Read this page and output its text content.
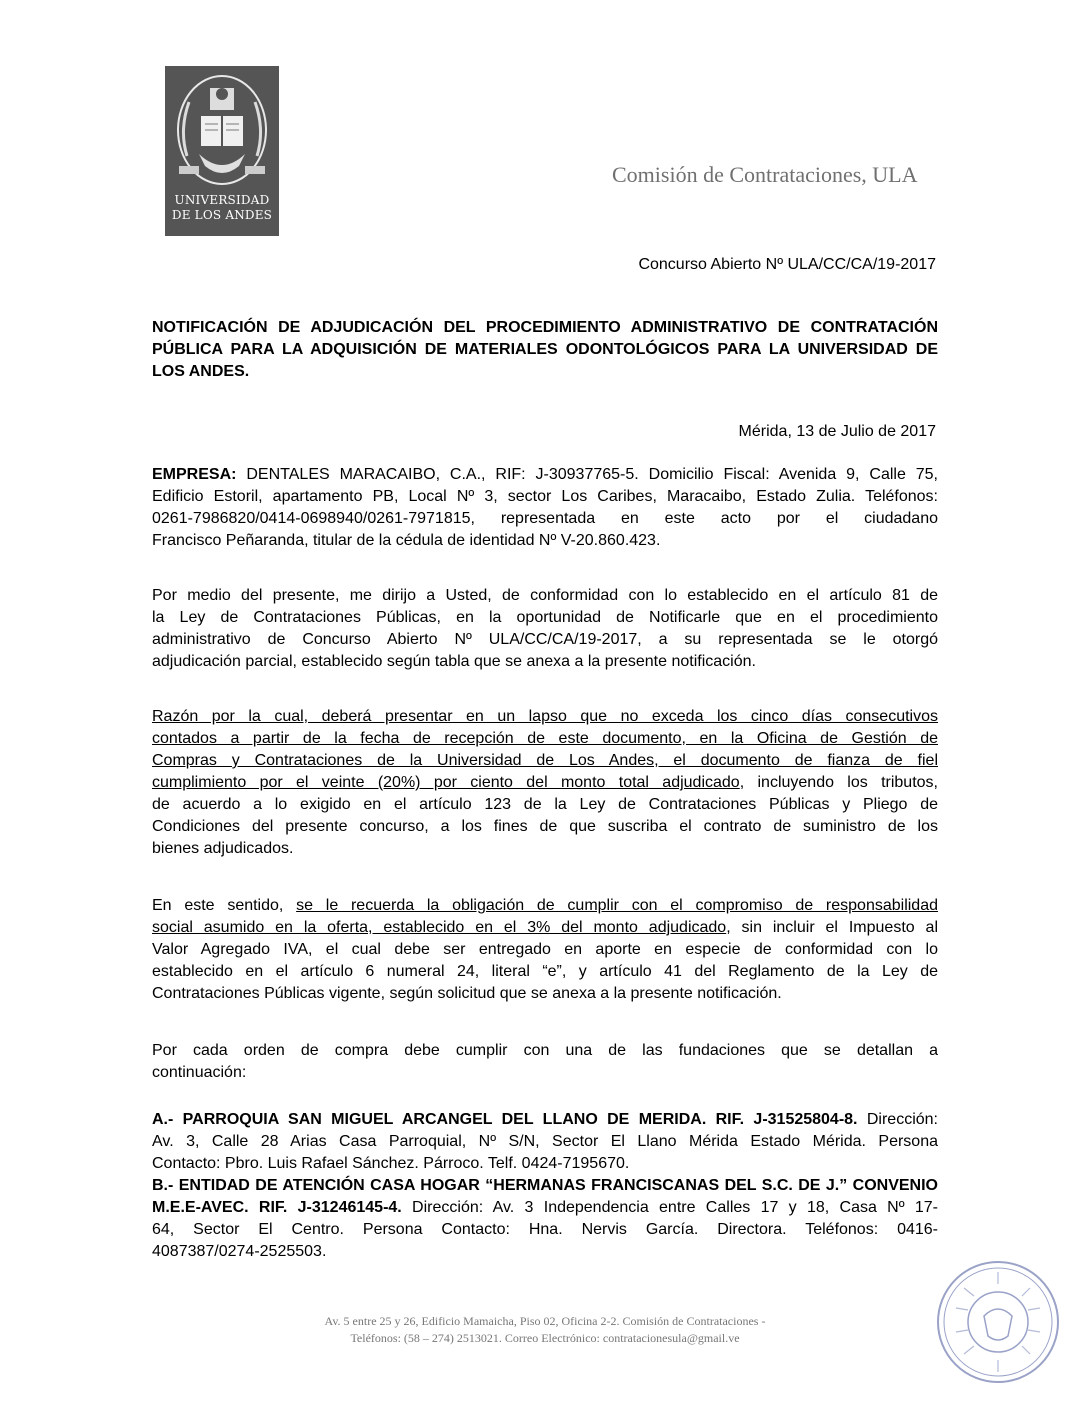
UNIVERSIDAD
DE LOS ANDES
Comisión de Contrataciones, ULA
Concurso Abierto Nº ULA/CC/CA/19-2017
NOTIFICACIÓN DE ADJUDICACIÓN DEL PROCEDIMIENTO ADMINISTRATIVO DE CONTRATACIÓN
PÚBLICA PARA LA ADQUISICIÓN DE MATERIALES ODONTOLÓGICOS PARA LA UNIVERSIDAD DE
LOS ANDES.
Mérida, 13 de Julio de 2017
EMPRESA: DENTALES MARACAIBO, C.A., RIF: J-30937765-5. Domicilio Fiscal: Avenida 9, Calle 75,
Edificio Estoril, apartamento PB, Local Nº 3, sector Los Caribes, Maracaibo, Estado Zulia. Teléfonos:
0261-7986820/0414-0698940/0261-7971815, representada en este acto por el ciudadano
Francisco Peñaranda, titular de la cédula de identidad Nº V-20.860.423.
Por medio del presente, me dirijo a Usted, de conformidad con lo establecido en el artículo 81 de
la Ley de Contrataciones Públicas, en la oportunidad de Notificarle que en el procedimiento
administrativo de Concurso Abierto Nº ULA/CC/CA/19-2017, a su representada se le otorgó
adjudicación parcial, establecido según tabla que se anexa a la presente notificación.
Razón por la cual, deberá presentar en un lapso que no exceda los cinco días consecutivos
contados a partir de la fecha de recepción de este documento, en la Oficina de Gestión de
Compras y Contrataciones de la Universidad de Los Andes, el documento de fianza de fiel
cumplimiento por el veinte (20%) por ciento del monto total adjudicado, incluyendo los tributos,
de acuerdo a lo exigido en el artículo 123 de la Ley de Contrataciones Públicas y Pliego de
Condiciones del presente concurso, a los fines de que suscriba el contrato de suministro de los
bienes adjudicados.
En este sentido, se le recuerda la obligación de cumplir con el compromiso de responsabilidad
social asumido en la oferta, establecido en el 3% del monto adjudicado, sin incluir el Impuesto al
Valor Agregado IVA, el cual debe ser entregado en aporte en especie de conformidad con lo
establecido en el artículo 6 numeral 24, literal “e”, y artículo 41 del Reglamento de la Ley de
Contrataciones Públicas vigente, según solicitud que se anexa a la presente notificación.
Por cada orden de compra debe cumplir con una de las fundaciones que se detallan a
continuación:
A.- PARROQUIA SAN MIGUEL ARCANGEL DEL LLANO DE MERIDA. RIF. J-31525804-8. Dirección:
Av. 3, Calle 28 Arias Casa Parroquial, Nº S/N, Sector El Llano Mérida Estado Mérida. Persona
Contacto: Pbro. Luis Rafael Sánchez. Párroco. Telf. 0424-7195670.
B.- ENTIDAD DE ATENCIÓN CASA HOGAR “HERMANAS FRANCISCANAS DEL S.C. DE J.” CONVENIO
M.E.E-AVEC. RIF. J-31246145-4. Dirección: Av. 3 Independencia entre Calles 17 y 18, Casa Nº 17-
64, Sector El Centro. Persona Contacto: Hna. Nervis García. Directora. Teléfonos: 0416-
4087387/0274-2525503.
Av. 5 entre 25 y 26, Edificio Mamaicha, Piso 02, Oficina 2-2. Comisión de Contrataciones -
Teléfonos: (58 – 274) 2513021. Correo Electrónico: contratacionesula@gmail.ve
